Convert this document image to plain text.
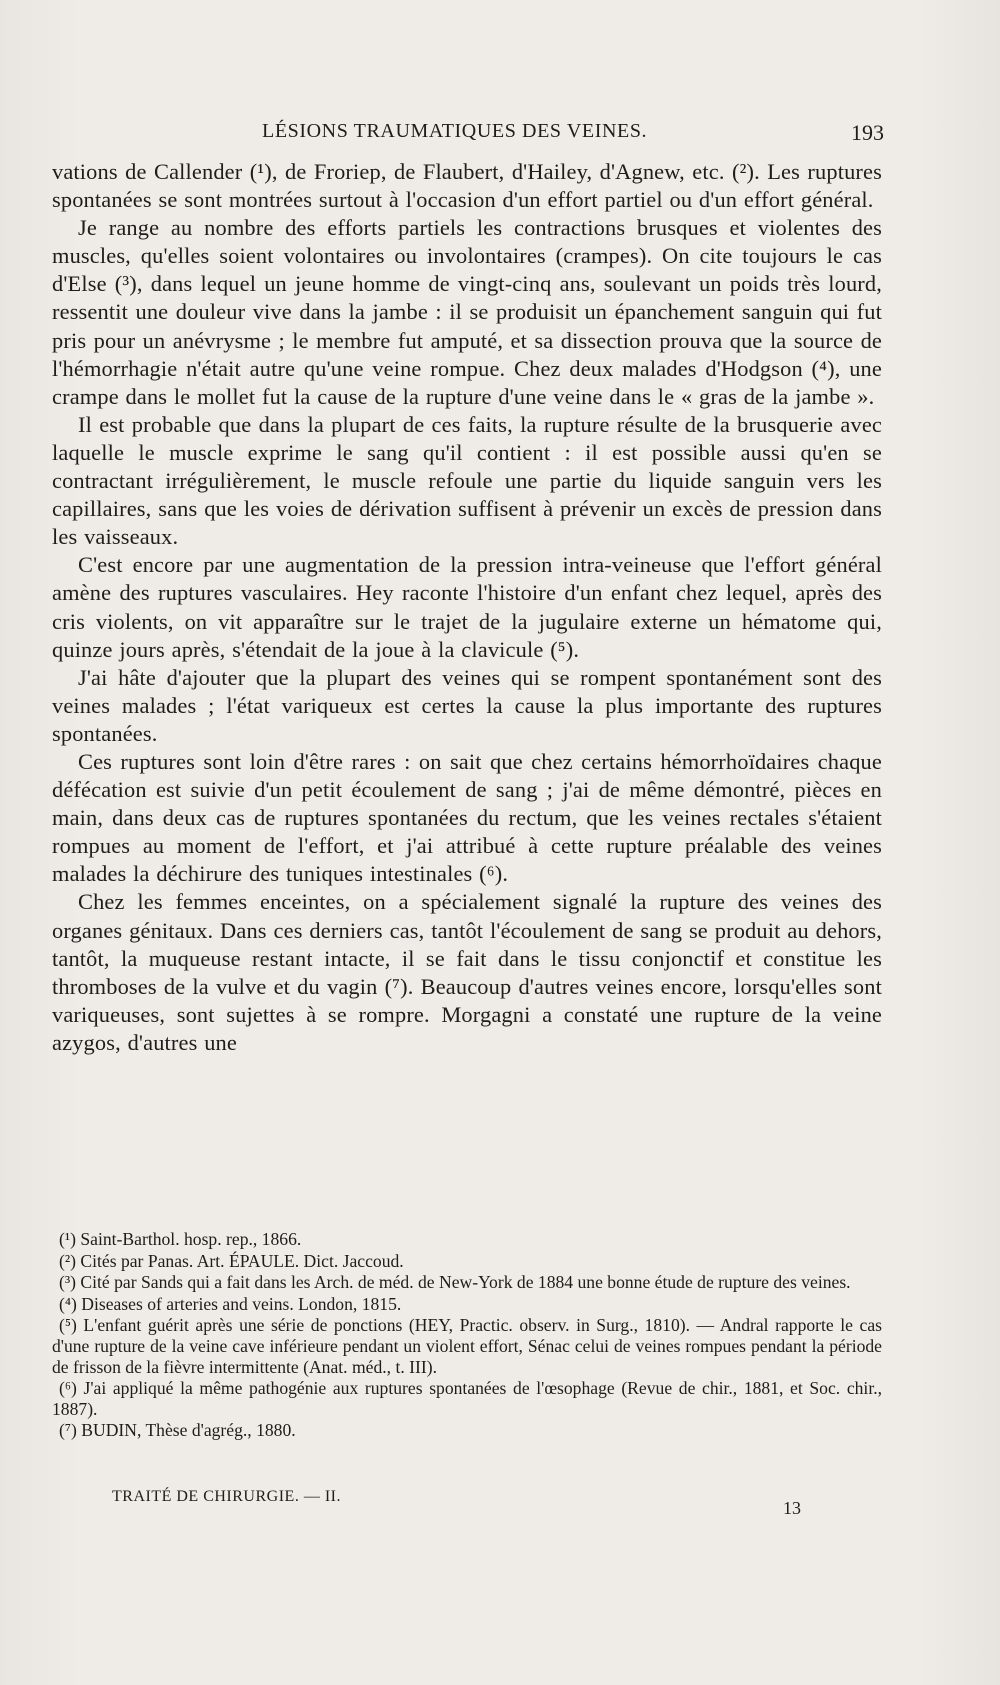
LÉSIONS TRAUMATIQUES DES VEINES.	193

vations de Callender (¹), de Froriep, de Flaubert, d'Hailey, d'Agnew, etc. (²). Les ruptures spontanées se sont montrées surtout à l'occasion d'un effort partiel ou d'un effort général.

Je range au nombre des efforts partiels les contractions brusques et violentes des muscles, qu'elles soient volontaires ou involontaires (crampes). On cite toujours le cas d'Else (³), dans lequel un jeune homme de vingt-cinq ans, soulevant un poids très lourd, ressentit une douleur vive dans la jambe : il se produisit un épanchement sanguin qui fut pris pour un anévrysme ; le membre fut amputé, et sa dissection prouva que la source de l'hémorrhagie n'était autre qu'une veine rompue. Chez deux malades d'Hodgson (⁴), une crampe dans le mollet fut la cause de la rupture d'une veine dans le « gras de la jambe ».

Il est probable que dans la plupart de ces faits, la rupture résulte de la brusquerie avec laquelle le muscle exprime le sang qu'il contient : il est possible aussi qu'en se contractant irrégulièrement, le muscle refoule une partie du liquide sanguin vers les capillaires, sans que les voies de dérivation suffisent à prévenir un excès de pression dans les vaisseaux.

C'est encore par une augmentation de la pression intra-veineuse que l'effort général amène des ruptures vasculaires. Hey raconte l'histoire d'un enfant chez lequel, après des cris violents, on vit apparaître sur le trajet de la jugulaire externe un hématome qui, quinze jours après, s'étendait de la joue à la clavicule (⁵).

J'ai hâte d'ajouter que la plupart des veines qui se rompent spontanément sont des veines malades ; l'état variqueux est certes la cause la plus importante des ruptures spontanées.

Ces ruptures sont loin d'être rares : on sait que chez certains hémorrhoïdaires chaque défécation est suivie d'un petit écoulement de sang ; j'ai de même démontré, pièces en main, dans deux cas de ruptures spontanées du rectum, que les veines rectales s'étaient rompues au moment de l'effort, et j'ai attribué à cette rupture préalable des veines malades la déchirure des tuniques intestinales (⁶).

Chez les femmes enceintes, on a spécialement signalé la rupture des veines des organes génitaux. Dans ces derniers cas, tantôt l'écoulement de sang se produit au dehors, tantôt, la muqueuse restant intacte, il se fait dans le tissu conjonctif et constitue les thromboses de la vulve et du vagin (⁷). Beaucoup d'autres veines encore, lorsqu'elles sont variqueuses, sont sujettes à se rompre. Morgagni a constaté une rupture de la veine azygos, d'autres une

(¹) Saint-Barthol. hosp. rep., 1866.

(²) Cités par Panas. Art. ÉPAULE. Dict. Jaccoud.

(³) Cité par Sands qui a fait dans les Arch. de méd. de New-York de 1884 une bonne étude de rupture des veines.

(⁴) Diseases of arteries and veins. London, 1815.

(⁵) L'enfant guérit après une série de ponctions (HEY, Practic. observ. in Surg., 1810). — Andral rapporte le cas d'une rupture de la veine cave inférieure pendant un violent effort, Sénac celui de veines rompues pendant la période de frisson de la fièvre intermittente (Anat. méd., t. III).

(⁶) J'ai appliqué la même pathogénie aux ruptures spontanées de l'œsophage (Revue de chir., 1881, et Soc. chir., 1887).

(⁷) BUDIN, Thèse d'agrég., 1880.

TRAITÉ DE CHIRURGIE. — II.
13
